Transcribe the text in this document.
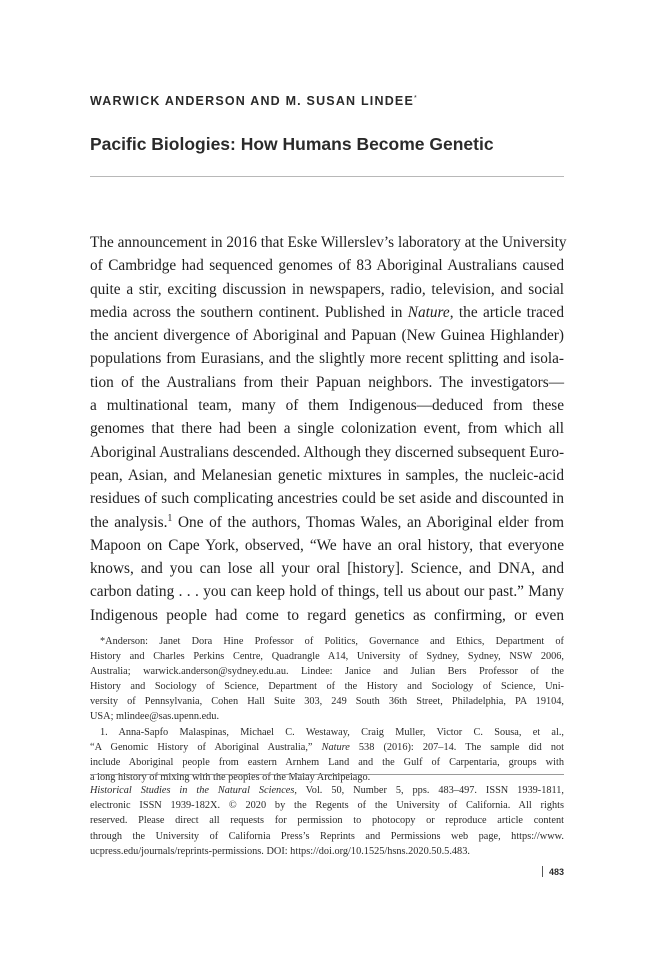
WARWICK ANDERSON AND M. SUSAN LINDEE*
Pacific Biologies: How Humans Become Genetic
The announcement in 2016 that Eske Willerslev’s laboratory at the University
of Cambridge had sequenced genomes of 83 Aboriginal Australians caused
quite a stir, exciting discussion in newspapers, radio, television, and social
media across the southern continent. Published in Nature, the article traced
the ancient divergence of Aboriginal and Papuan (New Guinea Highlander)
populations from Eurasians, and the slightly more recent splitting and isola-
tion of the Australians from their Papuan neighbors. The investigators—
a multinational team, many of them Indigenous—deduced from these
genomes that there had been a single colonization event, from which all
Aboriginal Australians descended. Although they discerned subsequent Euro-
pean, Asian, and Melanesian genetic mixtures in samples, the nucleic-acid
residues of such complicating ancestries could be set aside and discounted in
the analysis.$^1$ One of the authors, Thomas Wales, an Aboriginal elder from
Mapoon on Cape York, observed, “We have an oral history, that everyone
knows, and you can lose all your oral [history]. Science, and DNA, and
carbon dating . . . you can keep hold of things, tell us about our past.” Many
Indigenous people had come to regard genetics as confirming, or even
*Anderson: Janet Dora Hine Professor of Politics, Governance and Ethics, Department of
History and Charles Perkins Centre, Quadrangle A14, University of Sydney, Sydney, NSW 2006,
Australia; warwick.anderson@sydney.edu.au. Lindee: Janice and Julian Bers Professor of the
History and Sociology of Science, Department of the History and Sociology of Science, Uni-
versity of Pennsylvania, Cohen Hall Suite 303, 249 South 36th Street, Philadelphia, PA 19104,
USA; mlindee@sas.upenn.edu.
1. Anna-Sapfo Malaspinas, Michael C. Westaway, Craig Muller, Victor C. Sousa, et al.,
“A Genomic History of Aboriginal Australia,” Nature 538 (2016): 207–14. The sample did not
include Aboriginal people from eastern Arnhem Land and the Gulf of Carpentaria, groups with
a long history of mixing with the peoples of the Malay Archipelago.
Historical Studies in the Natural Sciences, Vol. 50, Number 5, pps. 483–497. ISSN 1939-1811,
electronic ISSN 1939-182X. © 2020 by the Regents of the University of California. All rights
reserved. Please direct all requests for permission to photocopy or reproduce article content
through the University of California Press’s Reprints and Permissions web page, https://www.
ucpress.edu/journals/reprints-permissions. DOI: https://doi.org/10.1525/hsns.2020.50.5.483.
483
